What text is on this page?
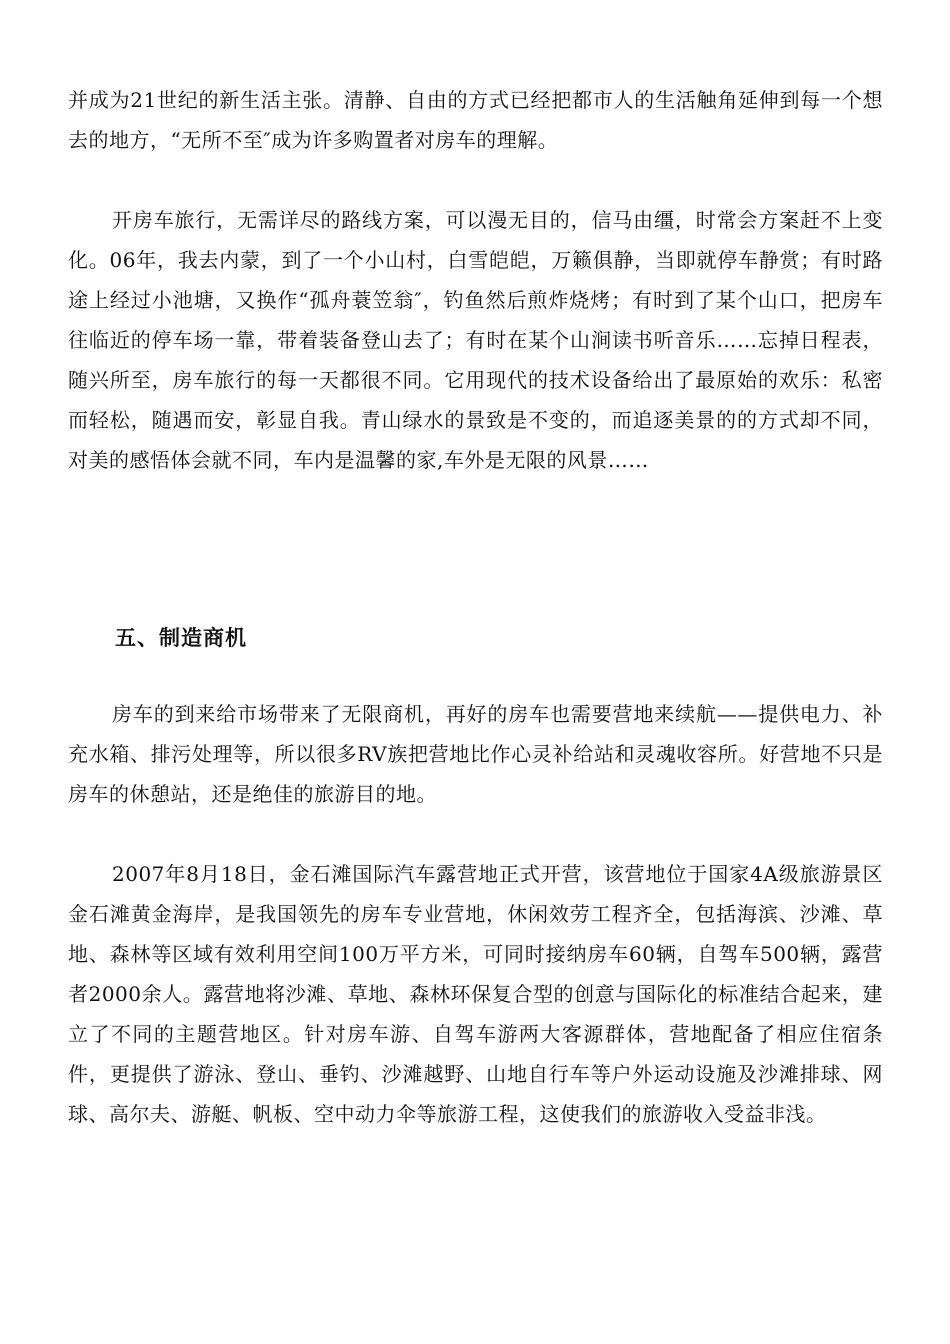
并成为21世纪的新生活主张。清静、自由的方式已经把都市人的生活触角延伸到每一个想去的地方，“无所不至″成为许多购置者对房车的理解。

开房车旅行，无需详尽的路线方案，可以漫无目的，信马由缰，时常会方案赶不上变化。06年，我去内蒙，到了一个小山村，白雪皑皑，万籁俱静，当即就停车静赏；有时路途上经过小池塘，又换作“孤舟蓑笠翁″，钓鱼然后煎炸烧烤；有时到了某个山口，把房车往临近的停车场一靠，带着装备登山去了；有时在某个山涧读书听音乐……忘掉日程表，随兴所至，房车旅行的每一天都很不同。它用现代的技术设备给出了最原始的欢乐：私密而轻松，随遇而安，彰显自我。青山绿水的景致是不变的，而追逐美景的的方式却不同，对美的感悟体会就不同，车内是温馨的家,车外是无限的风景……

五、制造商机

房车的到来给市场带来了无限商机，再好的房车也需要营地来续航——提供电力、补充水箱、排污处理等，所以很多RV族把营地比作心灵补给站和灵魂收容所。好营地不只是房车的休憩站，还是绝佳的旅游目的地。

2007年8月18日，金石滩国际汽车露营地正式开营，该营地位于国家4A级旅游景区金石滩黄金海岸，是我国领先的房车专业营地，休闲效劳工程齐全，包括海滨、沙滩、草地、森林等区域有效利用空间100万平方米，可同时接纳房车60辆，自驾车500辆，露营者2000余人。露营地将沙滩、草地、森林环保复合型的创意与国际化的标准结合起来，建立了不同的主题营地区。针对房车游、自驾车游两大客源群体，营地配备了相应住宿条件，更提供了游泳、登山、垂钓、沙滩越野、山地自行车等户外运动设施及沙滩排球、网球、高尔夫、游艇、帆板、空中动力伞等旅游工程，这使我们的旅游收入受益非浅。
